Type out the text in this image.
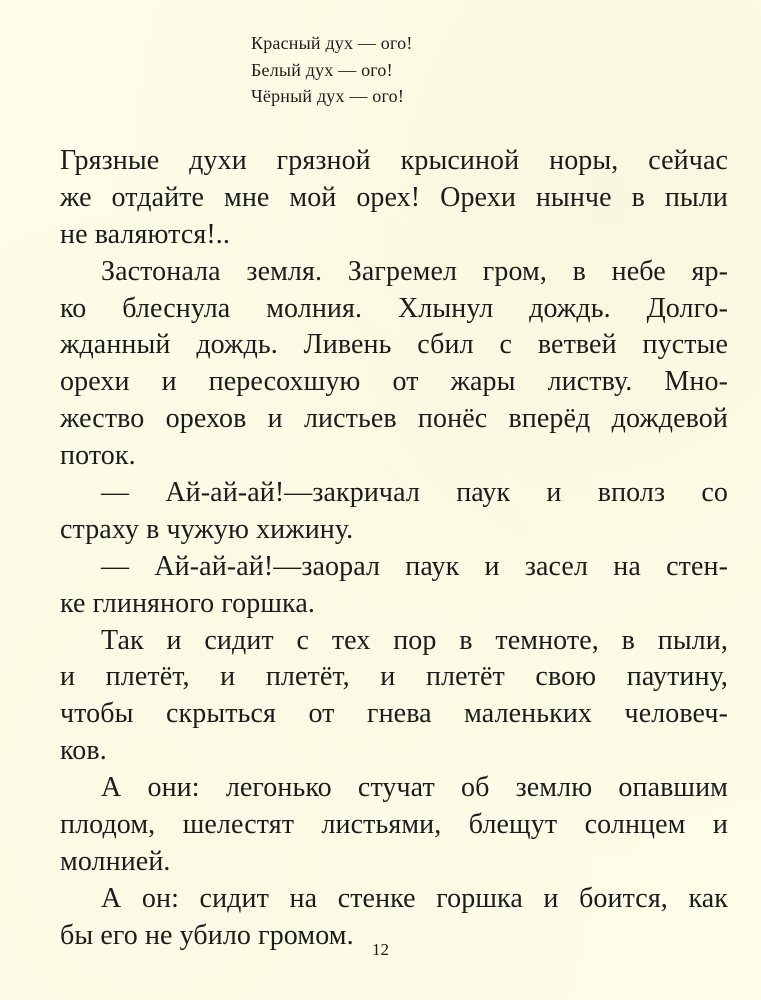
Красный дух — ого!
Белый дух — ого!
Чёрный дух — ого!
Грязные духи грязной крысиной норы, сейчас
же отдайте мне мой орех! Орехи нынче в пыли
не валяются!..
Застонала земля. Загремел гром, в небе яр-
ко блеснула молния. Хлынул дождь. Долго-
жданный дождь. Ливень сбил с ветвей пустые
орехи и пересохшую от жары листву. Мно-
жество орехов и листьев понёс вперёд дождевой
поток.
— Ай-ай-ай!—закричал паук и вполз со
страху в чужую хижину.
— Ай-ай-ай!—заорал паук и засел на стен-
ке глиняного горшка.
Так и сидит с тех пор в темноте, в пыли,
и плетёт, и плетёт, и плетёт свою паутину,
чтобы скрыться от гнева маленьких человеч-
ков.
А они: легонько стучат об землю опавшим
плодом, шелестят листьями, блещут солнцем и
молнией.
А он: сидит на стенке горшка и боится, как
бы его не убило громом.	12
